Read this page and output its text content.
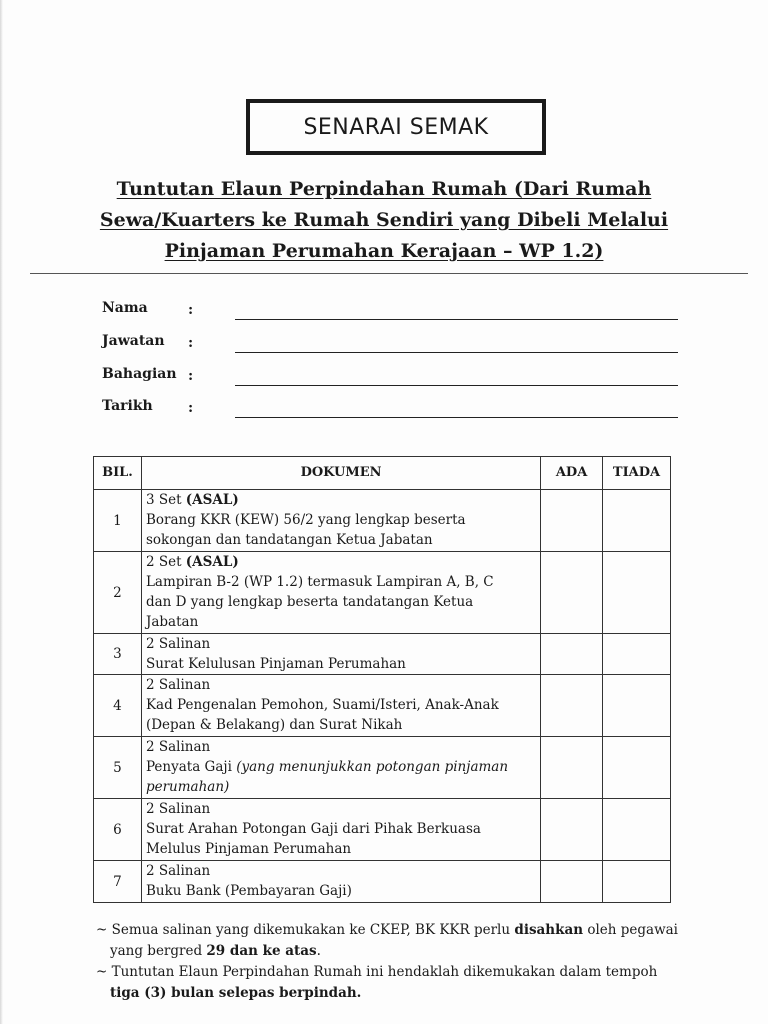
SENARAI SEMAK
Tuntutan Elaun Perpindahan Rumah (Dari Rumah
Sewa/Kuarters ke Rumah Sendiri yang Dibeli Melalui
Pinjaman Perumahan Kerajaan – WP 1.2)
Nama	:
Jawatan :
Bahagian :
Tarikh	:
BIL.	DOKUMEN	ADA	TIADA
1	3 Set (ASAL)
Borang KKR (KEW) 56/2 yang lengkap beserta
sokongan dan tandatangan Ketua Jabatan		

2	2 Set (ASAL)
Lampiran B-2 (WP 1.2) termasuk Lampiran A, B, C
dan D yang lengkap beserta tandatangan Ketua
Jabatan		

3	2 Salinan
Surat Kelulusan Pinjaman Perumahan		

4	2 Salinan
Kad Pengenalan Pemohon, Suami/Isteri, Anak-Anak
(Depan & Belakang) dan Surat Nikah		

5	2 Salinan
Penyata Gaji (yang menunjukkan potongan pinjaman
perumahan)		

6	2 Salinan
Surat Arahan Potongan Gaji dari Pihak Berkuasa
Melulus Pinjaman Perumahan		

7	2 Salinan
Buku Bank (Pembayaran Gaji)		

~ Semua salinan yang dikemukakan ke CKEP, BK KKR perlu disahkan oleh pegawai
yang bergred 29 dan ke atas.
~ Tuntutan Elaun Perpindahan Rumah ini hendaklah dikemukakan dalam tempoh
tiga (3) bulan selepas berpindah.
